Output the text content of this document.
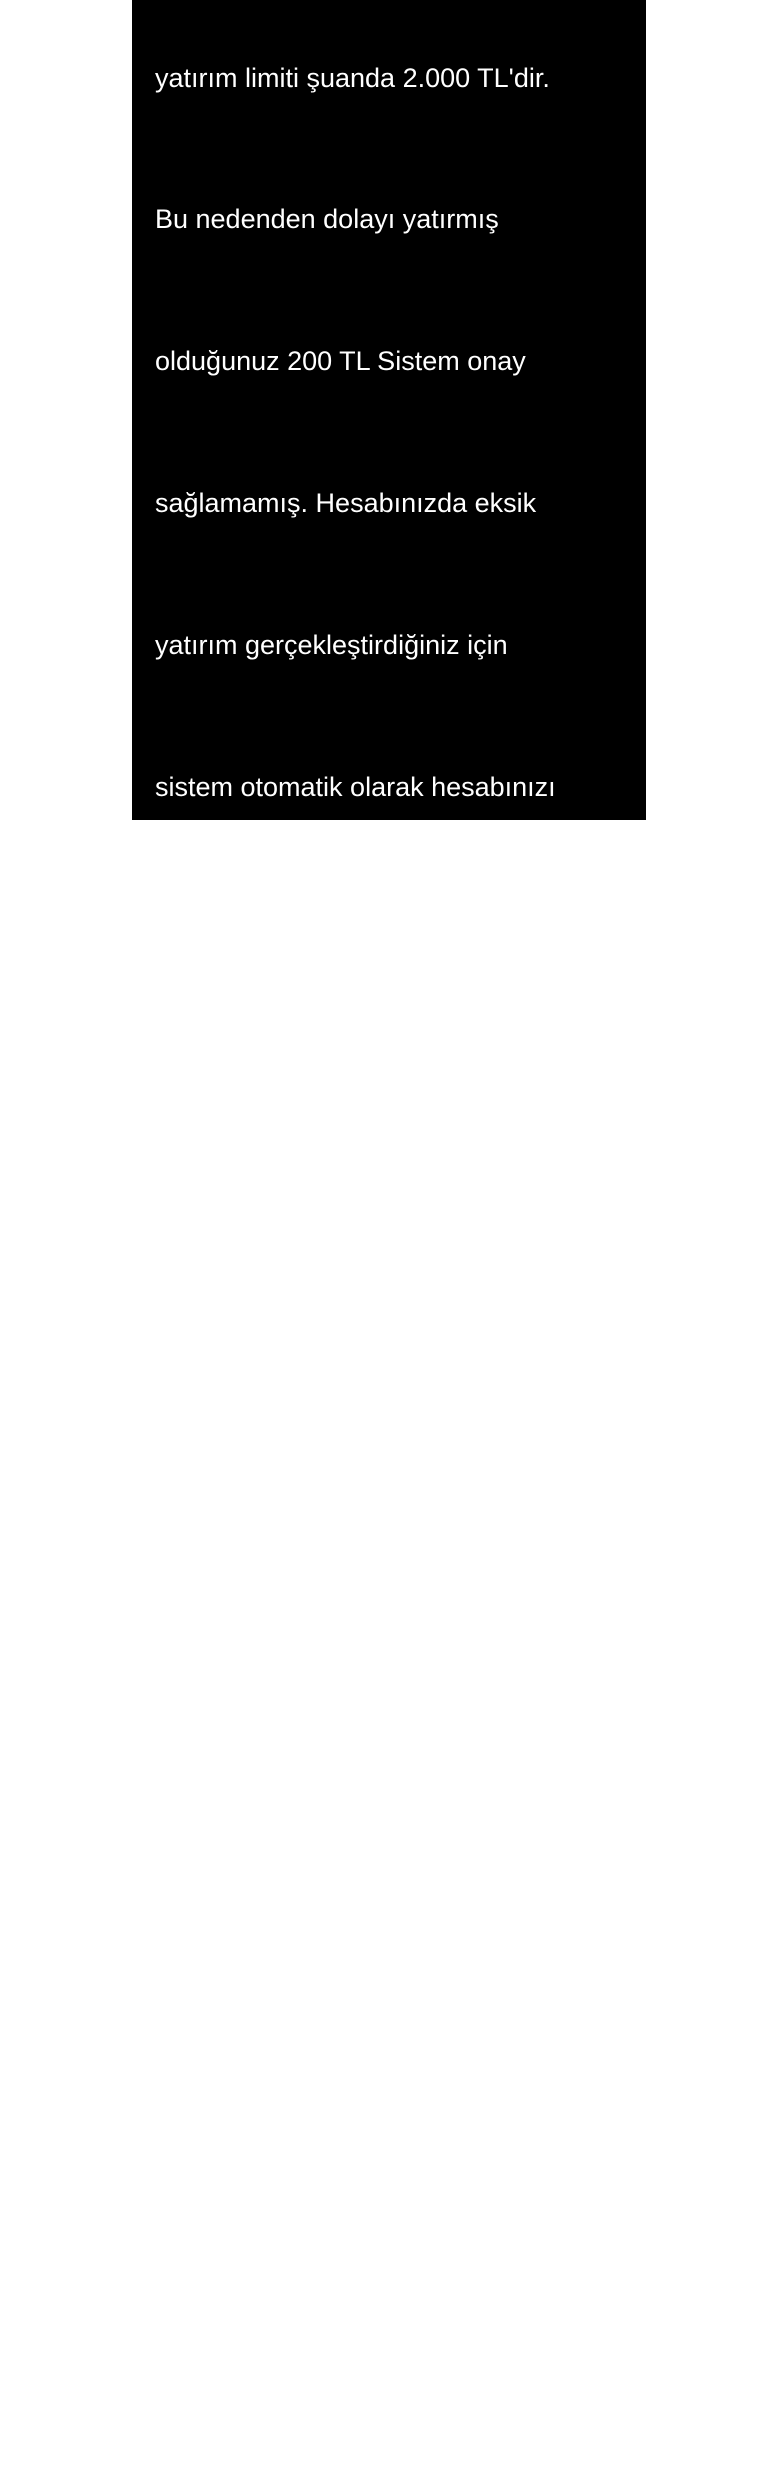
yatırım limiti şuanda 2.000 TL'dir.

Bu nedenden dolayı yatırmış

olduğunuz 200 TL Sistem onay

sağlamamış. Hesabınızda eksik

yatırım gerçekleştirdiğiniz için

sistem otomatik olarak hesabınızı

askıya almış. Hesabınızda eksik

olan 1.800 TL daha yatırımınızı

tamamlamanız sonucunda

hesabınız aktif duruma gelecektir,

ardından işlemlerinize devam

edebilir dilerseniz de tarafınıza

iadenizi gerçekleştirebilirsiniz. Alt

yatırım tutarınızı tamamladıktan

sonra %100 Çevrimsiz Sistem

bonusunuz ile birlikte toplamda

4.000 TL olarak oyun bakiyeniz
